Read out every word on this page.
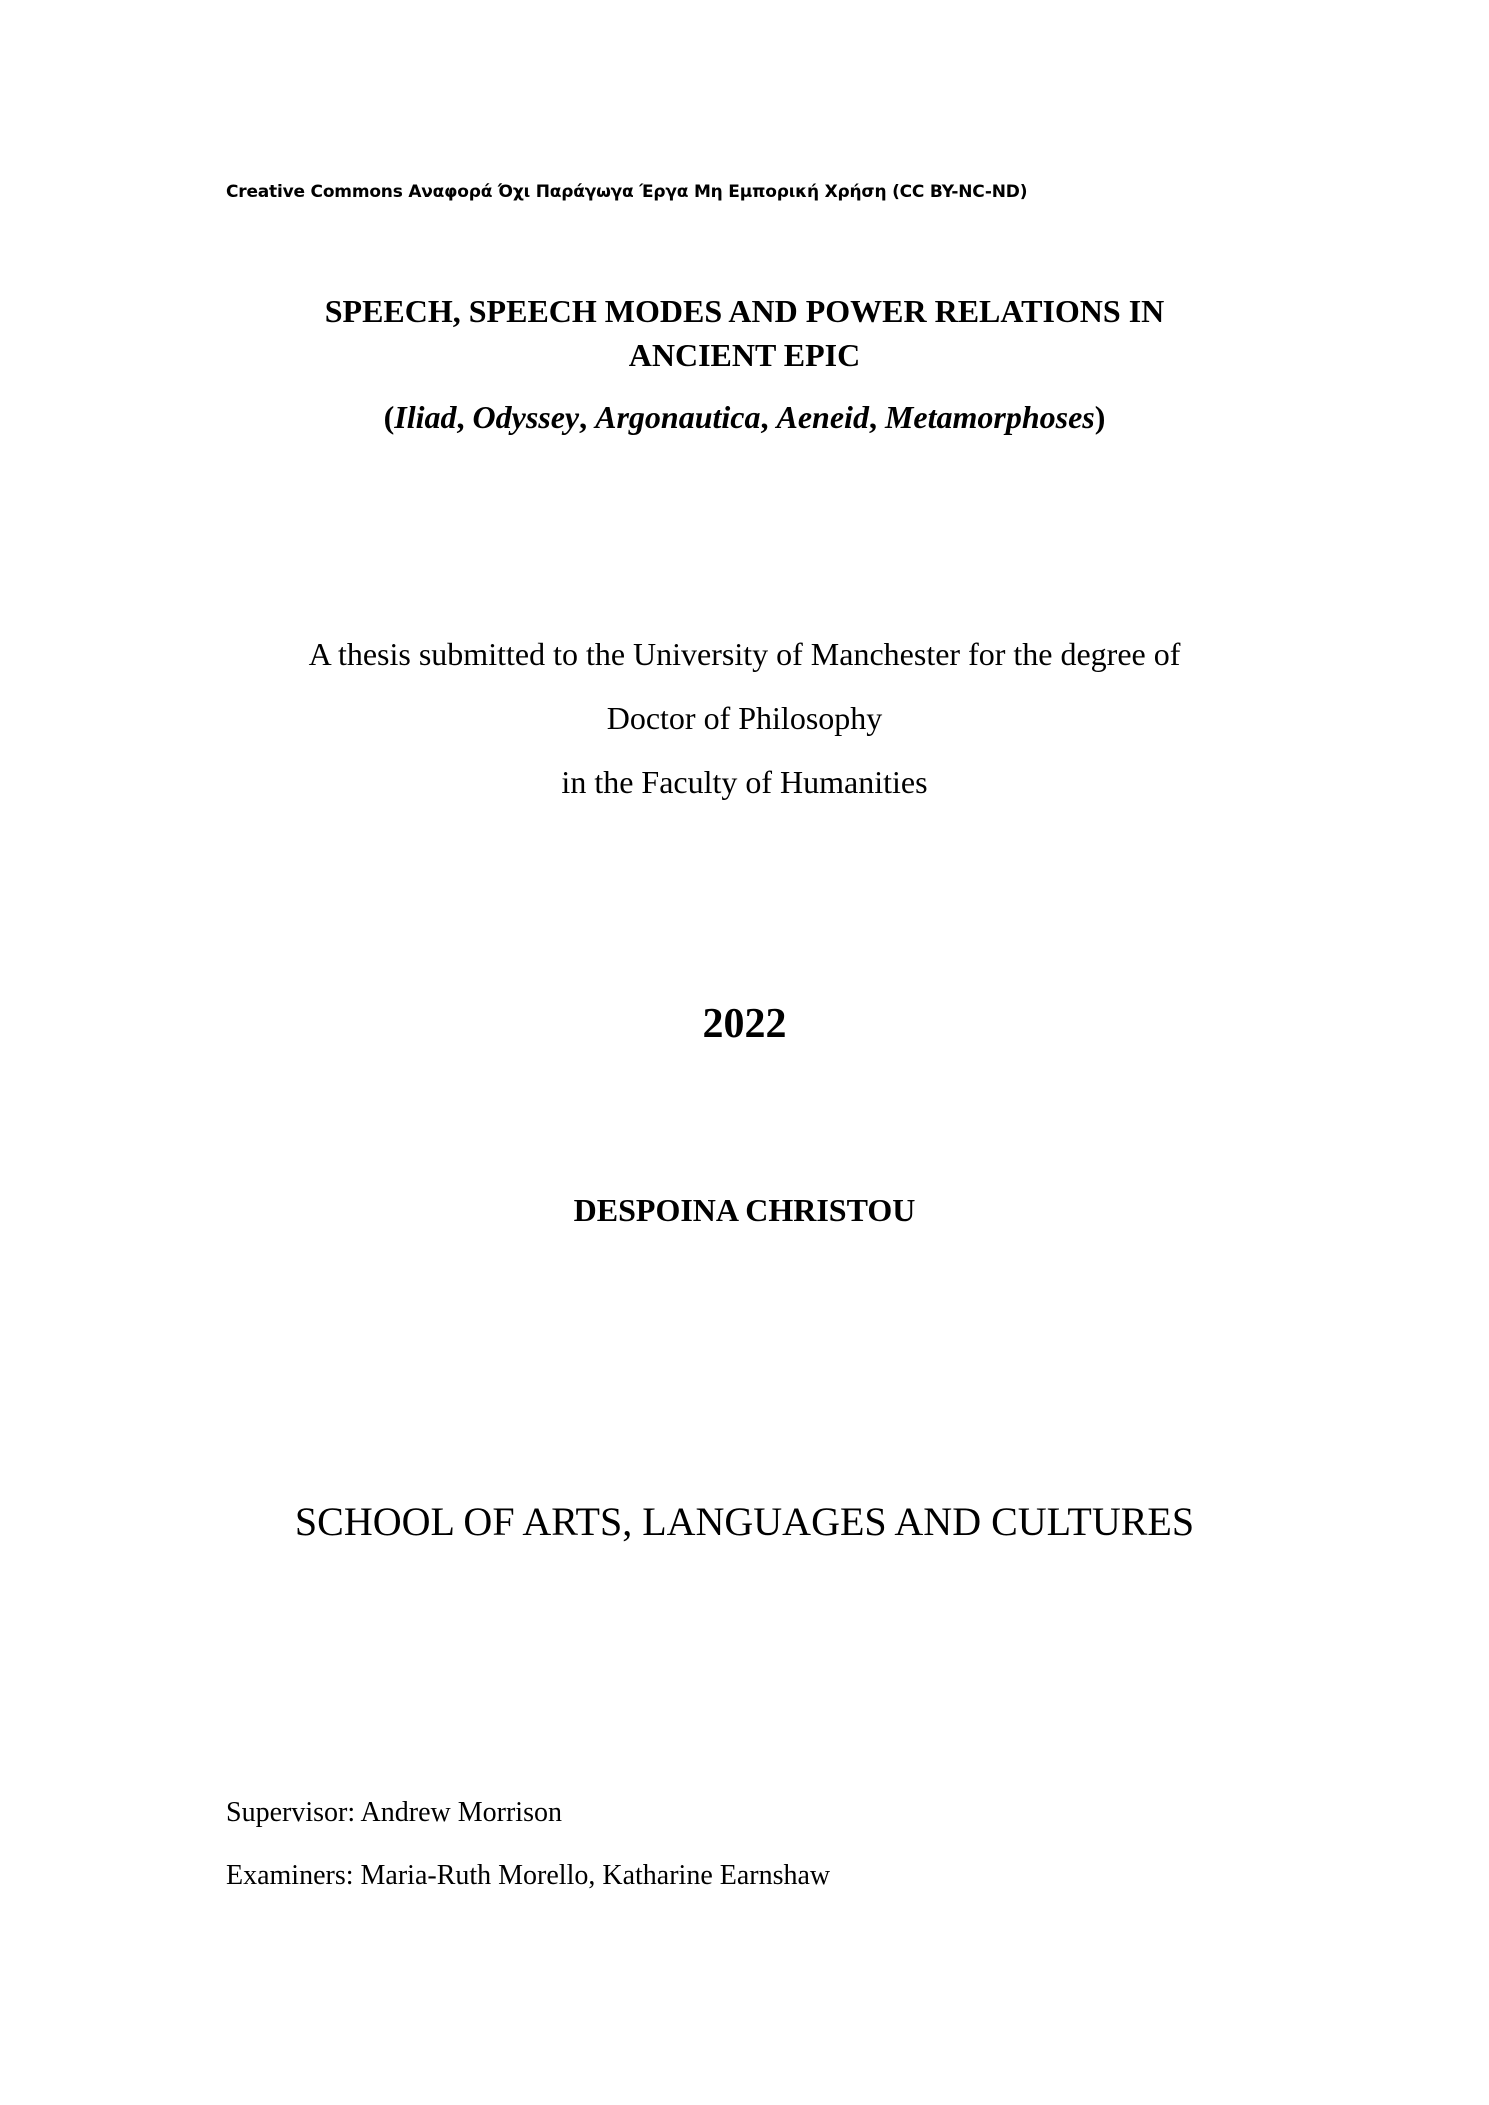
Creative Commons Αναφορά Όχι Παράγωγα Έργα Μη Εμπορική Χρήση (CC BY-NC-ND)
SPEECH, SPEECH MODES AND POWER RELATIONS IN
ANCIENT EPIC
(Iliad, Odyssey, Argonautica, Aeneid, Metamorphoses)
A thesis submitted to the University of Manchester for the degree of
Doctor of Philosophy
in the Faculty of Humanities
2022
DESPOINA CHRISTOU
SCHOOL OF ARTS, LANGUAGES AND CULTURES
Supervisor: Andrew Morrison
Examiners: Maria-Ruth Morello, Katharine Earnshaw
